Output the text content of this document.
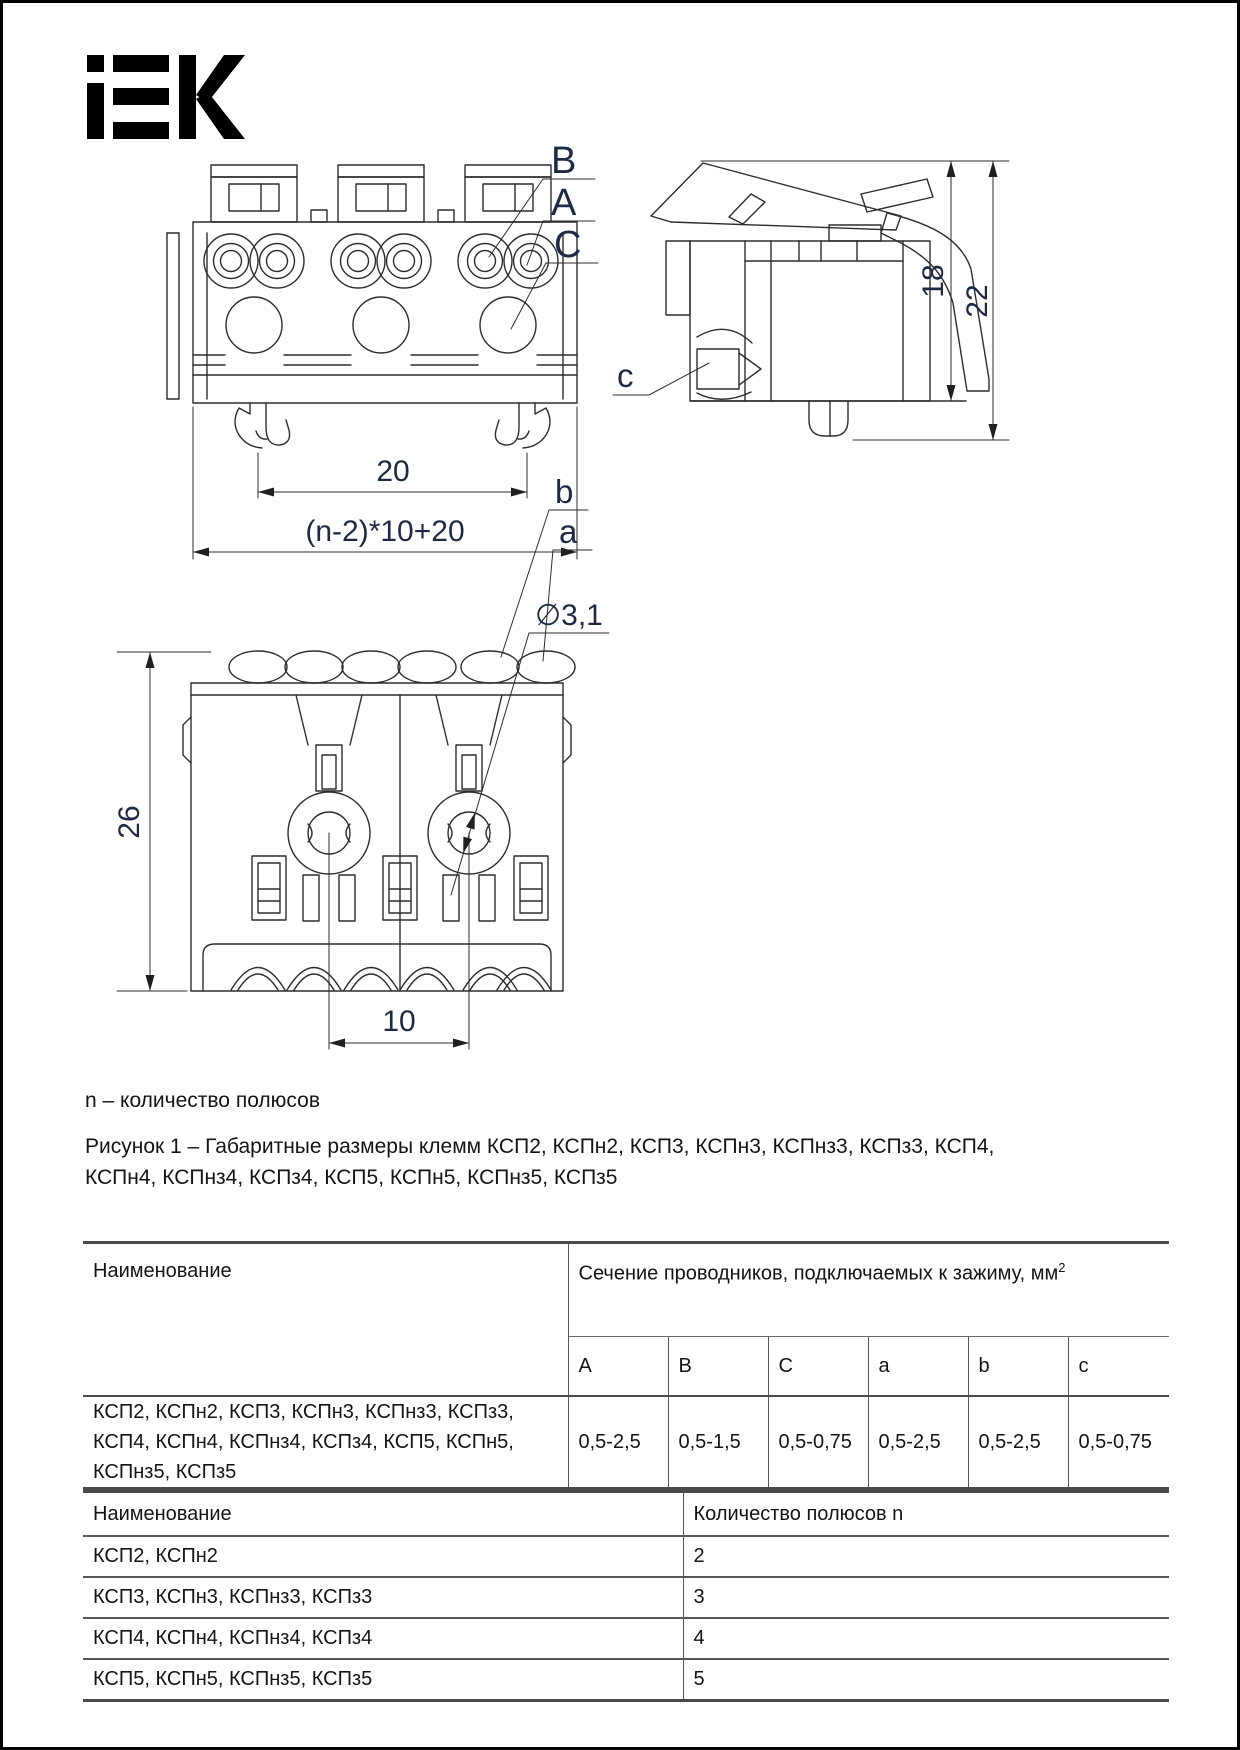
20
(n-2)*10+20
B
A
C
18
22
c
10
26
b
a
∅3,1
n – количество полюсов
Рисунок 1 – Габаритные размеры клемм КСП2, КСПн2, КСП3, КСПн3, КСПнз3, КСПз3, КСП4, КСПн4, КСПнз4, КСПз4, КСП5, КСПн5, КСПнз5, КСПз5
Наименование	Сечение проводников, подключаемых к зажиму, $мм^2$
	A	B	C	a	b	c
КСП2, КСПн2, КСП3, КСПн3, КСПнз3, КСПз3, КСП4, КСПн4, КСПнз4, КСПз4, КСП5, КСПн5, КСПнз5, КСПз5	0,5-2,5	0,5-1,5	0,5-0,75	0,5-2,5	0,5-2,5	0,5-0,75
Наименование	Количество полюсов n
КСП2, КСПн2	2
КСП3, КСПн3, КСПнз3, КСПз3	3
КСП4, КСПн4, КСПнз4, КСПз4	4
КСП5, КСПн5, КСПнз5, КСПз5	5
